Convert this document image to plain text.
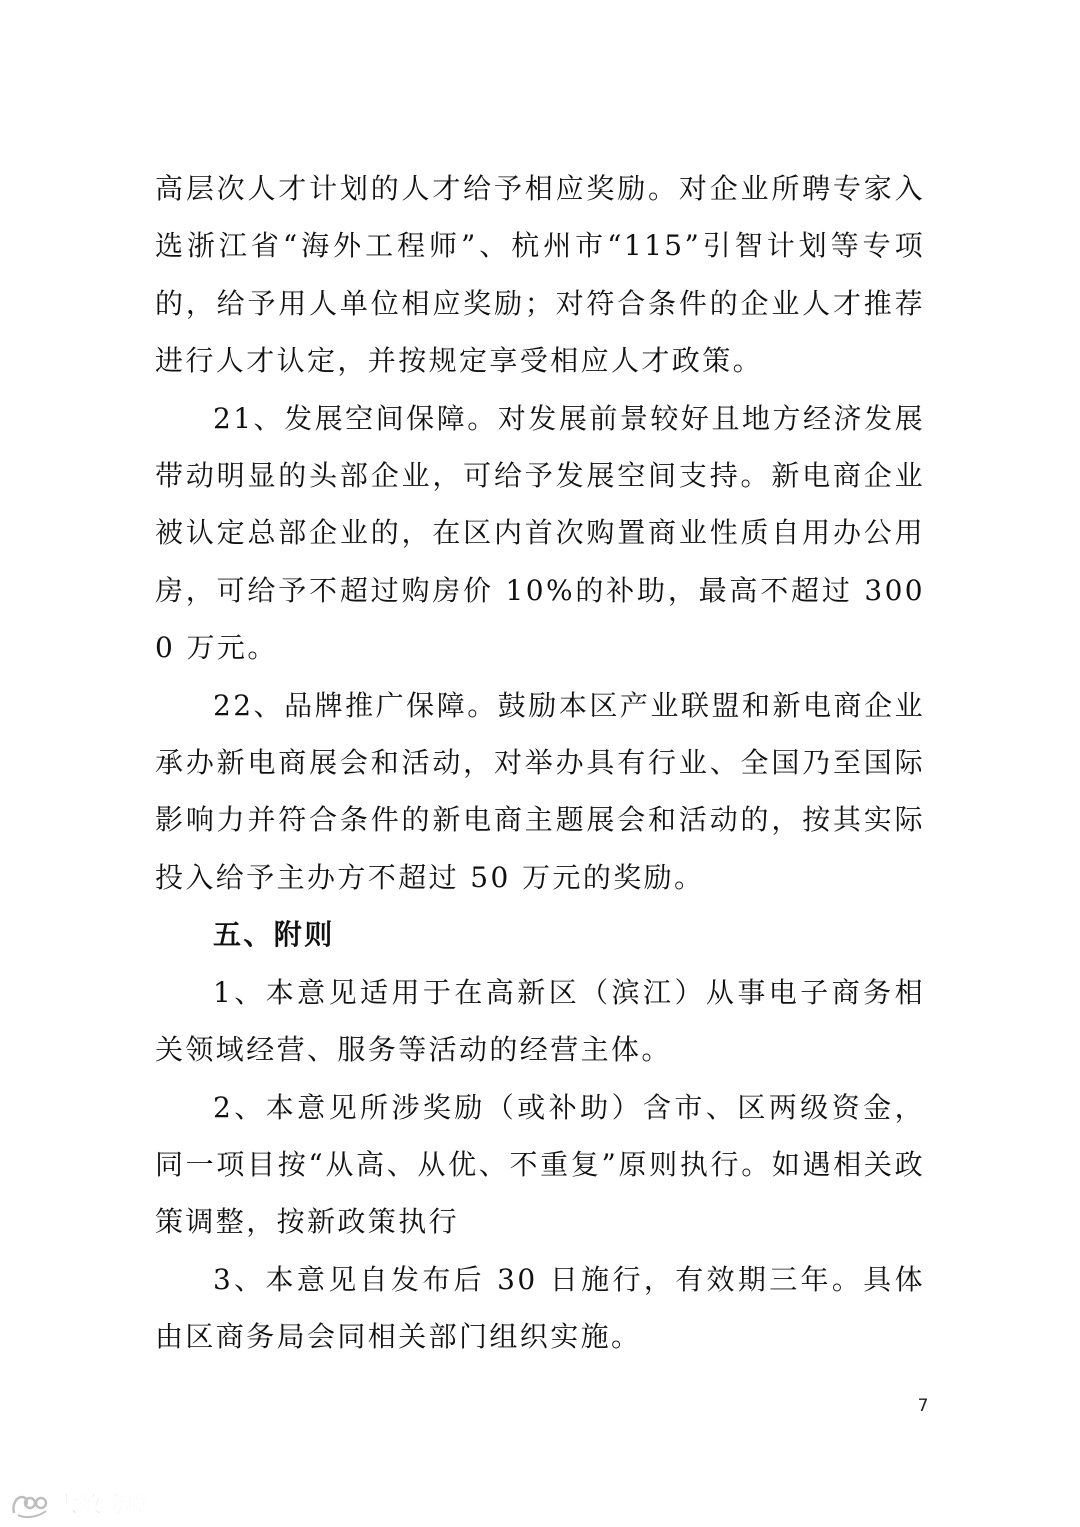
高层次人才计划的人才给予相应奖励。对企业所聘专家入选浙江省“海外工程师”、杭州市“115”引智计划等专项的，给予用人单位相应奖励；对符合条件的企业人才推荐进行人才认定，并按规定享受相应人才政策。

21、发展空间保障。对发展前景较好且地方经济发展带动明显的头部企业，可给予发展空间支持。新电商企业被认定总部企业的，在区内首次购置商业性质自用办公用房，可给予不超过购房价 10%的补助，最高不超过 3000 万元。

22、品牌推广保障。鼓励本区产业联盟和新电商企业承办新电商展会和活动，对举办具有行业、全国乃至国际影响力并符合条件的新电商主题展会和活动的，按其实际投入给予主办方不超过 50 万元的奖励。

五、附则

1、本意见适用于在高新区（滨江）从事电子商务相关领域经营、服务等活动的经营主体。

2、本意见所涉奖励（或补助）含市、区两级资金，同一项目按“从高、从优、不重复”原则执行。如遇相关政策调整，按新政策执行

3、本意见自发布后 30 日施行，有效期三年。具体由区商务局会同相关部门组织实施。

7
大数跨境
